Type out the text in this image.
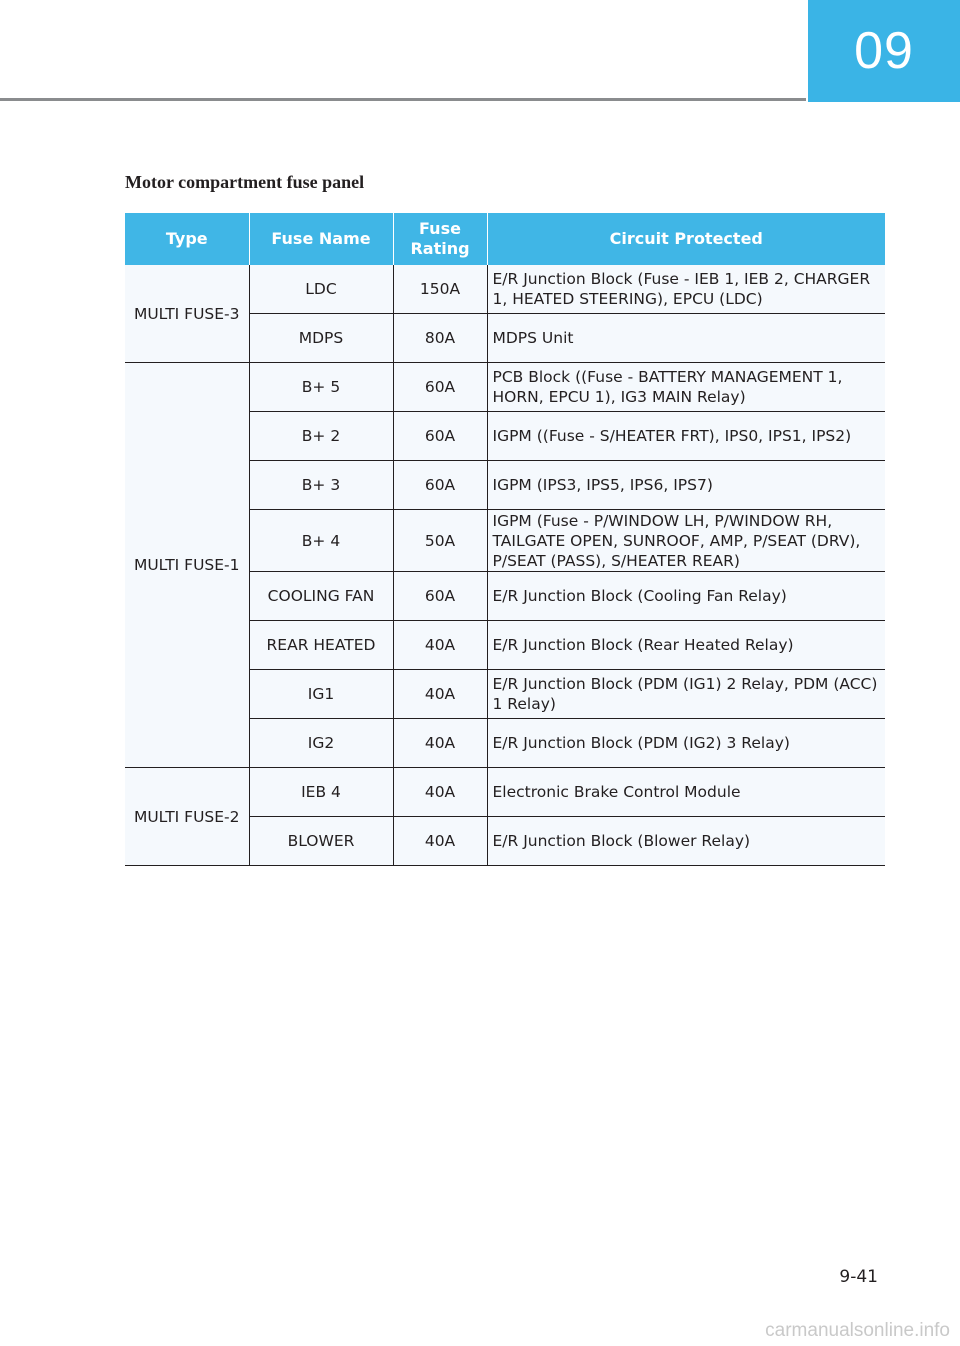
09
Motor compartment fuse panel
Type	Fuse Name	Fuse Rating	Circuit Protected
MULTI FUSE-3	LDC	150A	E/R Junction Block (Fuse - IEB 1, IEB 2, CHARGER 1, HEATED STEERING), EPCU (LDC)
	MDPS	80A	MDPS Unit
MULTI FUSE-1	B+ 5	60A	PCB Block ((Fuse - BATTERY MANAGEMENT 1, HORN, EPCU 1), IG3 MAIN Relay)
	B+ 2	60A	IGPM ((Fuse - S/HEATER FRT), IPS0, IPS1, IPS2)
	B+ 3	60A	IGPM (IPS3, IPS5, IPS6, IPS7)
	B+ 4	50A	IGPM (Fuse - P/WINDOW LH, P/WINDOW RH, TAILGATE OPEN, SUNROOF, AMP, P/SEAT (DRV), P/SEAT (PASS), S/HEATER REAR)
	COOLING FAN	60A	E/R Junction Block (Cooling Fan Relay)
	REAR HEATED	40A	E/R Junction Block (Rear Heated Relay)
	IG1	40A	E/R Junction Block (PDM (IG1) 2 Relay, PDM (ACC) 1 Relay)
	IG2	40A	E/R Junction Block (PDM (IG2) 3 Relay)
MULTI FUSE-2	IEB 4	40A	Electronic Brake Control Module
	BLOWER	40A	E/R Junction Block (Blower Relay)
9-41
carmanualsonline.info
